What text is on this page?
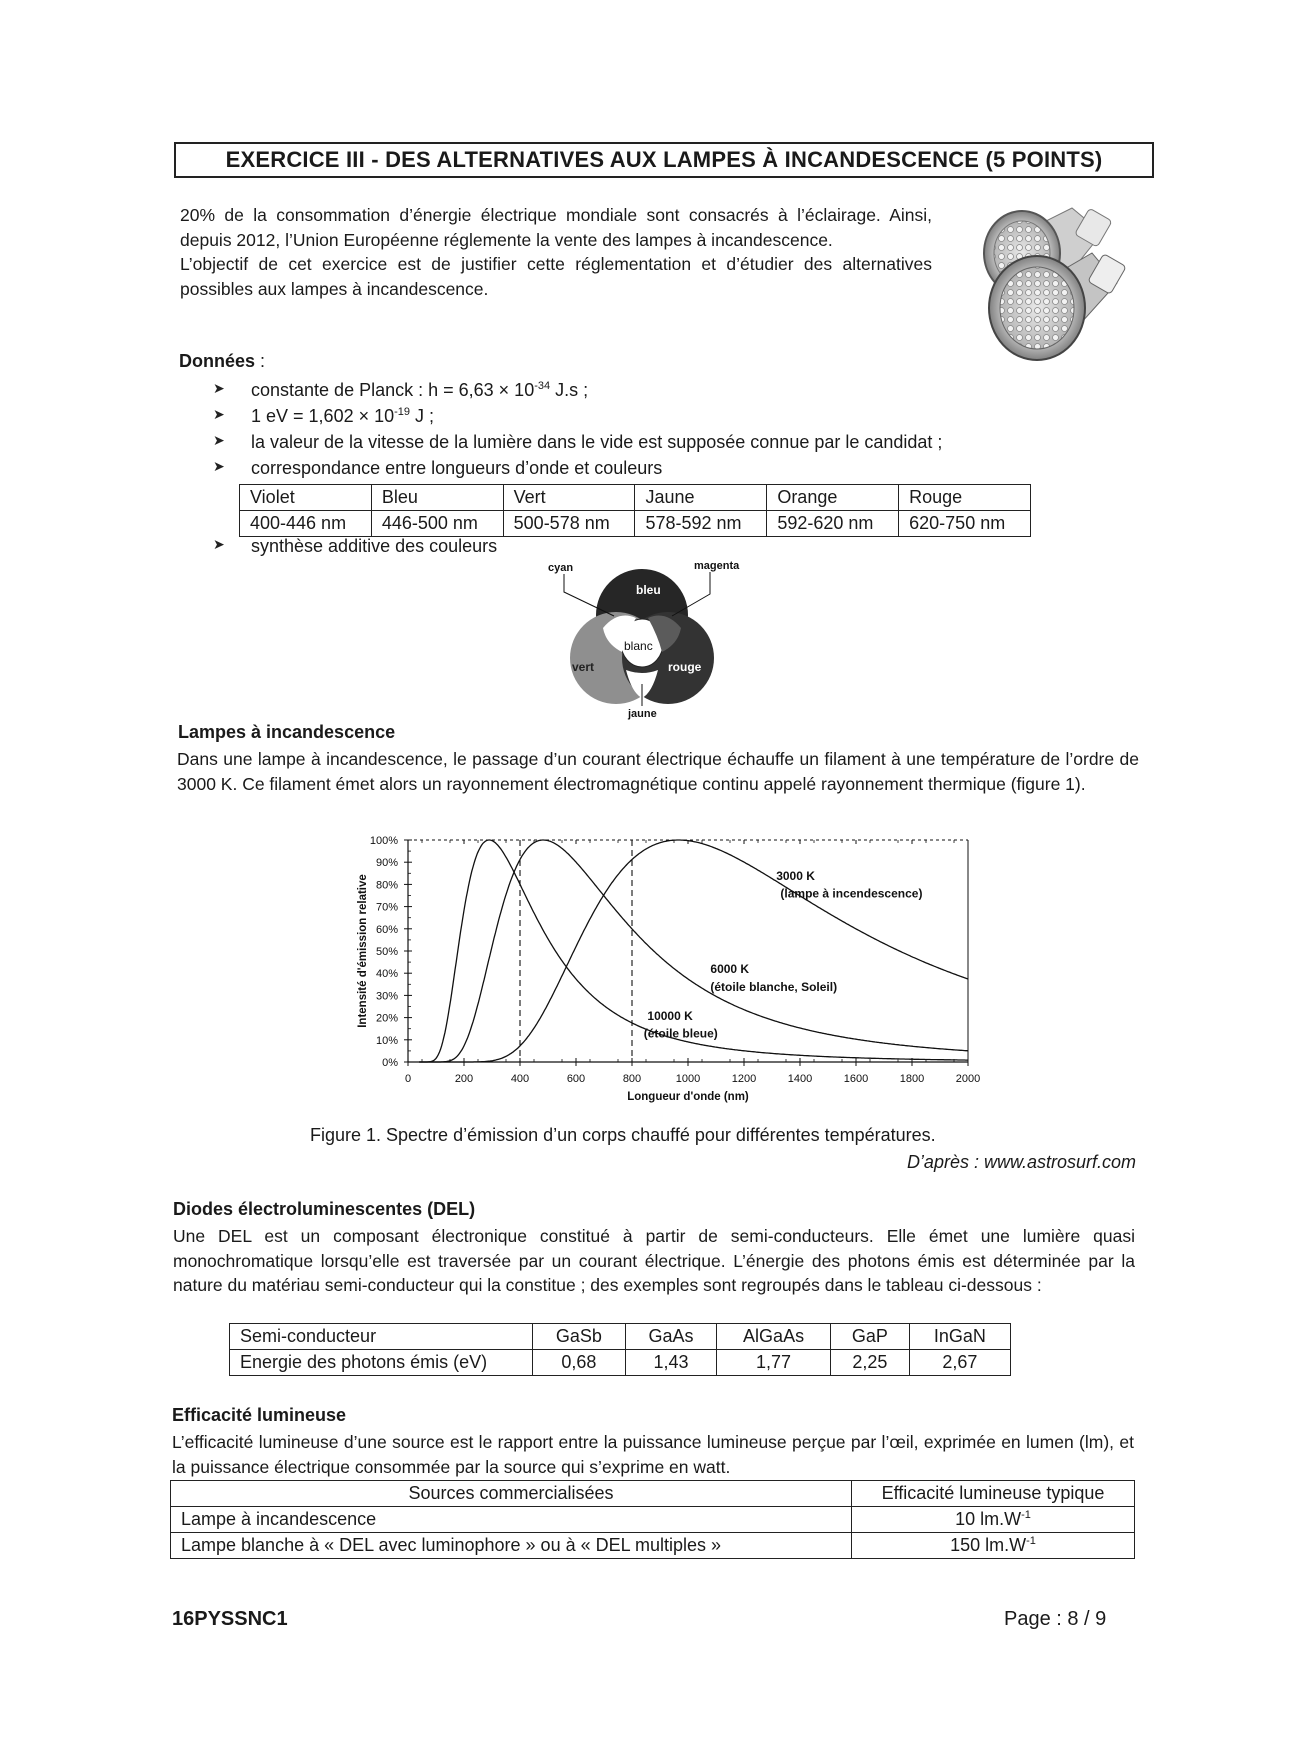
EXERCICE III - DES ALTERNATIVES AUX LAMPES À INCANDESCENCE (5 POINTS)

20% de la consommation d’énergie électrique mondiale sont consacrés à l’éclairage. Ainsi, depuis 2012, l’Union Européenne réglemente la vente des lampes à incandescence.

L’objectif de cet exercice est de justifier cette réglementation et d’étudier des alternatives possibles aux lampes à incandescence.

Données :
➤ constante de Planck : $h = 6,63 \times 10^{-34}$ J.s ;
➤ 1 eV = $1,602 \times 10^{-19}$ J ;
➤ la valeur de la vitesse de la lumière dans le vide est supposée connue par le candidat ;
➤ correspondance entre longueurs d’onde et couleurs
Violet	Bleu	Vert	Jaune	Orange	Rouge
400-446 nm	446-500 nm	500-578 nm	578-592 nm	592-620 nm	620-750 nm
➤ synthèse additive des couleurs
bleu
blanc
vert	rouge
cyan	magenta
jaune
Lampes à incandescence
Dans une lampe à incandescence, le passage d’un courant électrique échauffe un filament à une température de l’ordre de 3000 K. Ce filament émet alors un rayonnement électromagnétique continu appelé rayonnement thermique (figure 1).
0%
10%
20%
30%
40%
50%
60%
70%
80%
90%
100%
0	200	400	600	800	1000	1200	1400	1600	1800	2000
Longueur d'onde (nm)
Intensité d'émission relative	10000 K
(étoile bleue)
6000 K
(étoile blanche, Soleil)
3000 K
(lampe à incendescence)
Figure 1. Spectre d’émission d’un corps chauffé pour différentes températures.
D’après : www.astrosurf.com
Diodes électroluminescentes (DEL)
Une DEL est un composant électronique constitué à partir de semi-conducteurs. Elle émet une lumière quasi monochromatique lorsqu’elle est traversée par un courant électrique. L’énergie des photons émis est déterminée par la nature du matériau semi-conducteur qui la constitue ; des exemples sont regroupés dans le tableau ci-dessous :
Semi-conducteur	GaSb	GaAs	AlGaAs	GaP	InGaN
Energie des photons émis (eV)	0,68	1,43	1,77	2,25	2,67
Efficacité lumineuse
L’efficacité lumineuse d’une source est le rapport entre la puissance lumineuse perçue par l’œil, exprimée en lumen (lm), et la puissance électrique consommée par la source qui s’exprime en watt.
Sources commercialisées	Efficacité lumineuse typique
Lampe à incandescence	10 $lm.W^{-1}$
Lampe blanche à « DEL avec luminophore » ou à « DEL multiples »	150 $lm.W^{-1}$
16PYSSNC1	Page : 8 / 9
